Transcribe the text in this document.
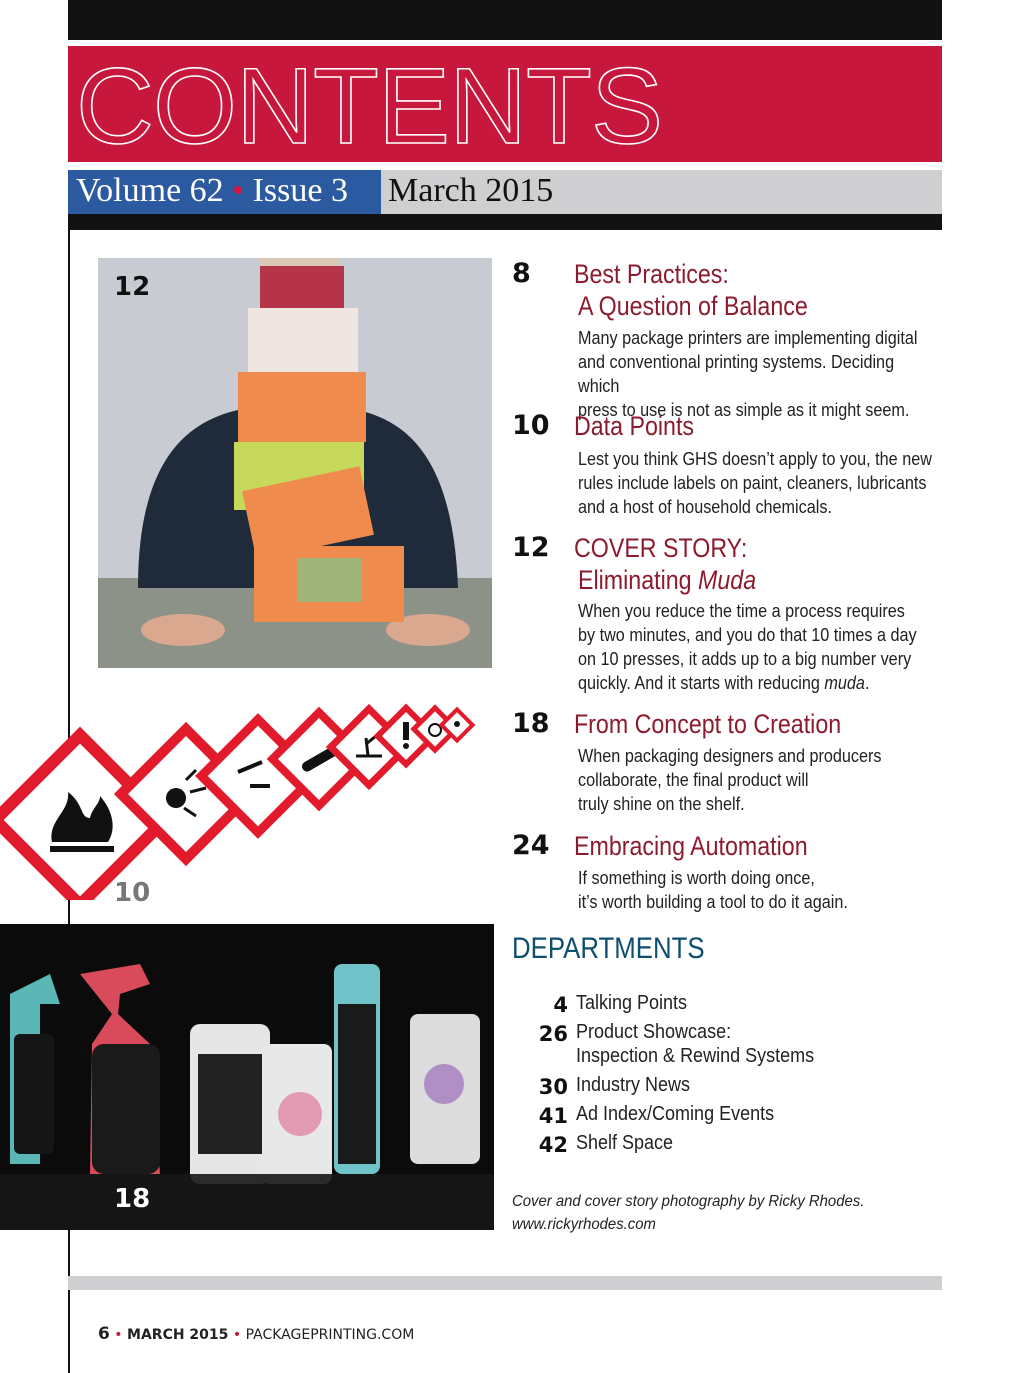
CONTENTS
Volume 62 • Issue 3 March 2015
12
10
18
8 Best Practices:
A Question of Balance
Many package printers are implementing digital
and conventional printing systems. Deciding which
press to use is not as simple as it might seem.
10 Data Points
Lest you think GHS doesn’t apply to you, the new
rules include labels on paint, cleaners, lubricants
and a host of household chemicals.
12 COVER STORY:
Eliminating Muda
When you reduce the time a process requires
by two minutes, and you do that 10 times a day
on 10 presses, it adds up to a big number very
quickly. And it starts with reducing muda.
18 From Concept to Creation
When packaging designers and producers
collaborate, the final product will
truly shine on the shelf.
24 Embracing Automation
If something is worth doing once,
it’s worth building a tool to do it again.
DEPARTMENTS
4 Talking Points
26 Product Showcase:
Inspection & Rewind Systems
30 Industry News
41 Ad Index/Coming Events
42 Shelf Space
Cover and cover story photography by Ricky Rhodes.
www.rickyrhodes.com
6 • MARCH 2015 • PACKAGEPRINTING.COM
